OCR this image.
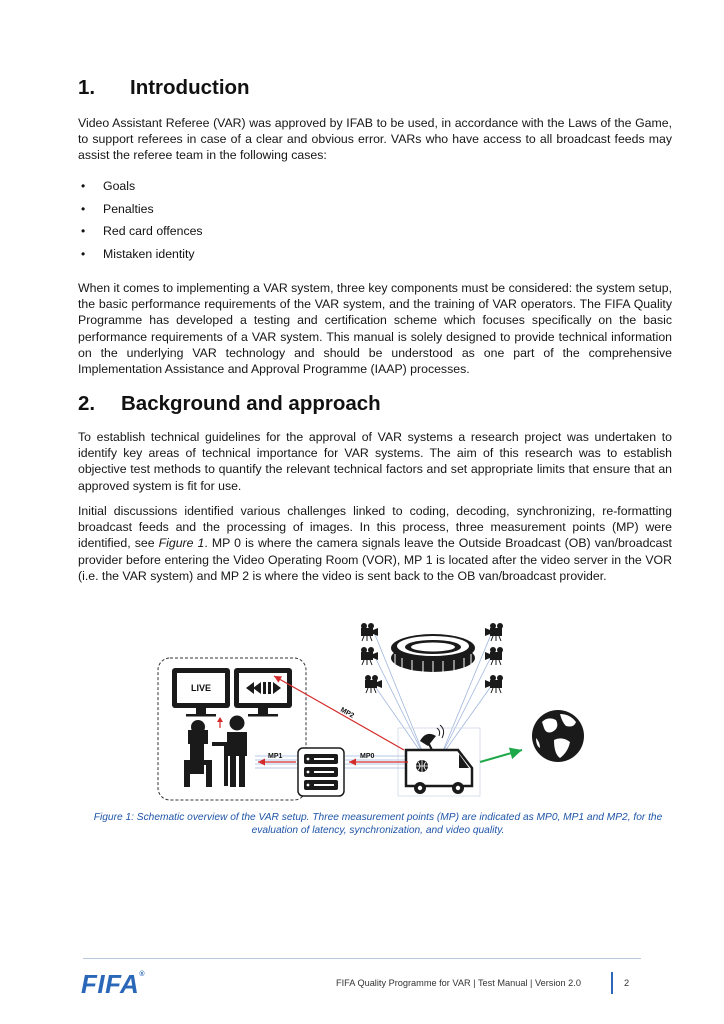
1.	Introduction

Video Assistant Referee (VAR) was approved by IFAB to be used, in accordance with the Laws of the Game, to support referees in case of a clear and obvious error. VARs who have access to all broadcast feeds may assist the referee team in the following cases:

• Goals
• Penalties
• Red card offences
• Mistaken identity

When it comes to implementing a VAR system, three key components must be considered: the system setup, the basic performance requirements of the VAR system, and the training of VAR operators. The FIFA Quality Programme has developed a testing and certification scheme which focuses specifically on the basic performance requirements of a VAR system. This manual is solely designed to provide technical information on the underlying VAR technology and should be understood as one part of the comprehensive Implementation Assistance and Approval Programme (IAAP) processes.

2.	Background and approach

To establish technical guidelines for the approval of VAR systems a research project was undertaken to identify key areas of technical importance for VAR systems. The aim of this research was to establish objective test methods to quantify the relevant technical factors and set appropriate limits that ensure that an approved system is fit for use.

Initial discussions identified various challenges linked to coding, decoding, synchronizing, re-formatting broadcast feeds and the processing of images. In this process, three measurement points (MP) were identified, see Figure 1. MP 0 is where the camera signals leave the Outside Broadcast (OB) van/broadcast provider before entering the Video Operating Room (VOR), MP 1 is located after the video server in the VOR (i.e. the VAR system) and MP 2 is where the video is sent back to the OB van/broadcast provider.

LIVE
MP2
MP0
MP1

Figure 1: Schematic overview of the VAR setup. Three measurement points (MP) are indicated as MP0, MP1 and MP2, for the evaluation of latency, synchronization, and video quality.

FIFA®
FIFA Quality Programme for VAR | Test Manual | Version 2.0	2
